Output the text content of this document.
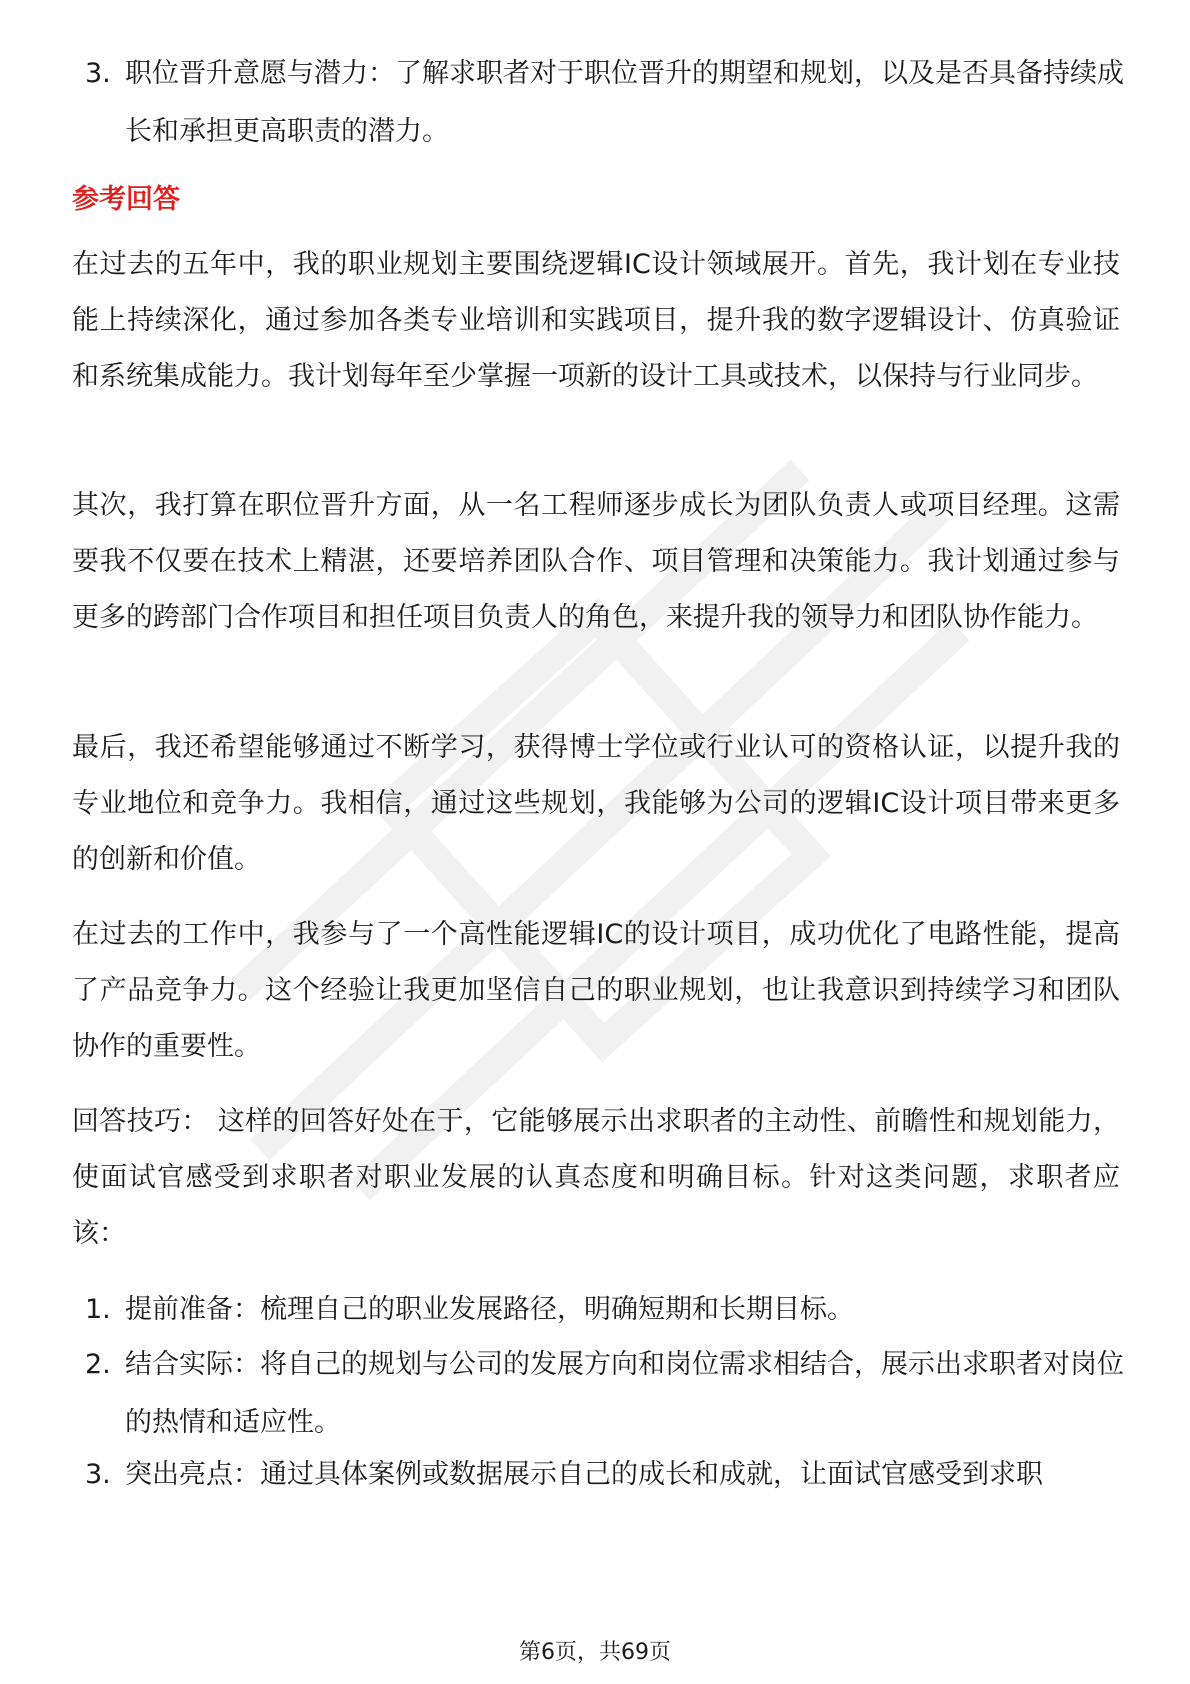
3. 职位晋升意愿与潜力：了解求职者对于职位晋升的期望和规划，以及是否具备持续成长和承担更高职责的潜力。
参考回答

在过去的五年中，我的职业规划主要围绕逻辑IC设计领域展开。首先，我计划在专业技能上持续深化，通过参加各类专业培训和实践项目，提升我的数字逻辑设计、仿真验证和系统集成能力。我计划每年至少掌握一项新的设计工具或技术，以保持与行业同步。

其次，我打算在职位晋升方面，从一名工程师逐步成长为团队负责人或项目经理。这需要我不仅要在技术上精湛，还要培养团队合作、项目管理和决策能力。我计划通过参与更多的跨部门合作项目和担任项目负责人的角色，来提升我的领导力和团队协作能力。

最后，我还希望能够通过不断学习，获得博士学位或行业认可的资格认证，以提升我的专业地位和竞争力。我相信，通过这些规划，我能够为公司的逻辑IC设计项目带来更多的创新和价值。

在过去的工作中，我参与了一个高性能逻辑IC的设计项目，成功优化了电路性能，提高了产品竞争力。这个经验让我更加坚信自己的职业规划，也让我意识到持续学习和团队协作的重要性。

回答技巧： 这样的回答好处在于，它能够展示出求职者的主动性、前瞻性和规划能力，使面试官感受到求职者对职业发展的认真态度和明确目标。针对这类问题，求职者应该：

1. 提前准备：梳理自己的职业发展路径，明确短期和长期目标。
2. 结合实际：将自己的规划与公司的发展方向和岗位需求相结合，展示出求职者对岗位的热情和适应性。
3. 突出亮点：通过具体案例或数据展示自己的成长和成就，让面试官感受到求职
第6页，共69页
